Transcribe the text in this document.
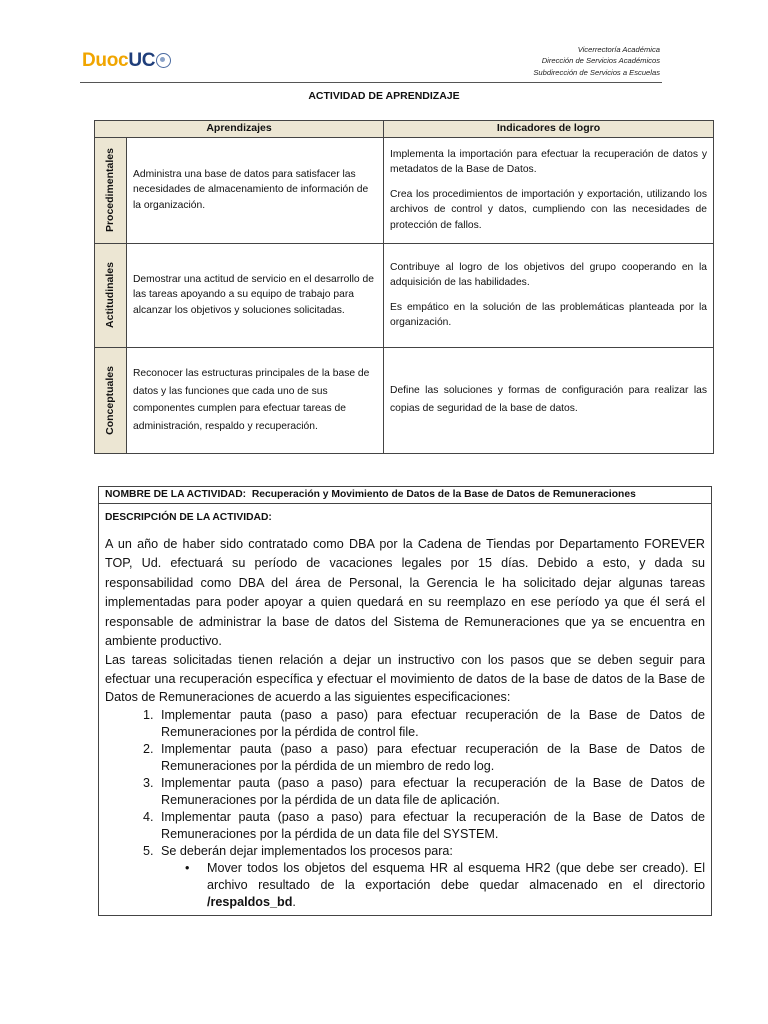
Duoc UC
Vicerrectoría Académica
Dirección de Servicios Académicos
Subdirección de Servicios a Escuelas
ACTIVIDAD DE APRENDIZAJE
Aprendizajes		Indicadores de logro

Procedimentales	Administra una base de datos para satisfacer las necesidades de almacenamiento de información de la organización.	Implementa la importación para efectuar la recuperación de datos y metadatos de la Base de Datos.

Crea los procedimientos de importación y exportación, utilizando los archivos de control y datos, cumpliendo con las necesidades de protección de fallos.

Actitudinales	Demostrar una actitud de servicio en el desarrollo de las tareas apoyando a su equipo de trabajo para alcanzar los objetivos y soluciones solicitadas.	Contribuye al logro de los objetivos del grupo cooperando en la adquisición de las habilidades.

Es empático en la solución de las problemáticas planteada por la organización.

Conceptuales	Reconocer las estructuras principales de la base de datos y las funciones que cada uno de sus componentes cumplen para efectuar tareas de administración, respaldo y recuperación.	Define las soluciones y formas de configuración para realizar las copias de seguridad de la base de datos.

NOMBRE DE LA ACTIVIDAD: Recuperación y Movimiento de Datos de la Base de Datos de Remuneraciones
DESCRIPCIÓN DE LA ACTIVIDAD:

A un año de haber sido contratado como DBA por la Cadena de Tiendas por Departamento FOREVER TOP, Ud. efectuará su período de vacaciones legales por 15 días. Debido a esto, y dada su responsabilidad como DBA del área de Personal, la Gerencia le ha solicitado dejar algunas tareas implementadas para poder apoyar a quien quedará en su reemplazo en ese período ya que él será el responsable de administrar la base de datos del Sistema de Remuneraciones que ya se encuentra en ambiente productivo.

Las tareas solicitadas tienen relación a dejar un instructivo con los pasos que se deben seguir para efectuar una recuperación específica y efectuar el movimiento de datos de la base de datos de la Base de Datos de Remuneraciones de acuerdo a las siguientes especificaciones:

1. Implementar pauta (paso a paso) para efectuar recuperación de la Base de Datos de Remuneraciones por la pérdida de control file.
2. Implementar pauta (paso a paso) para efectuar recuperación de la Base de Datos de Remuneraciones por la pérdida de un miembro de redo log.
3. Implementar pauta (paso a paso) para efectuar la recuperación de la Base de Datos de Remuneraciones por la pérdida de un data file de aplicación.
4. Implementar pauta (paso a paso) para efectuar la recuperación de la Base de Datos de Remuneraciones por la pérdida de un data file del SYSTEM.
5. Se deberán dejar implementados los procesos para:
• Mover todos los objetos del esquema HR al esquema HR2 (que debe ser creado). El archivo resultado de la exportación debe quedar almacenado en el directorio /respaldos_bd.
